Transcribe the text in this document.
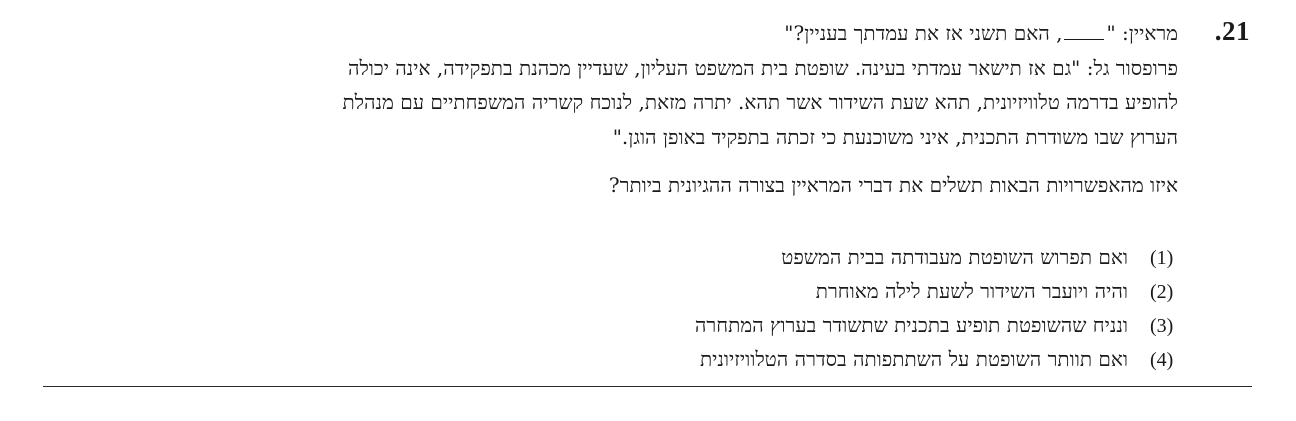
.21
מראיין: ", האם תשני אז את עמדתך בעניין?"
פרופסור גל: "גם אז תישאר עמדתי בעינה. שופטת בית המשפט העליון, שעדיין מכהנת בתפקידה, אינה יכולה
להופיע בדרמה טלוויזיונית, תהא שעת השידור אשר תהא. יתרה מזאת, לנוכח קשריה המשפחתיים עם מנהלת
הערוץ שבו משודרת התכנית, איני משוכנעת כי זכתה בתפקיד באופן הוגן."
איזו מהאפשרויות הבאות תשלים את דברי המראיין בצורה ההגיונית ביותר?
(1)
ואם תפרוש השופטת מעבודתה בבית המשפט
(2)
והיה ויועבר השידור לשעת לילה מאוחרת
(3)
ונניח שהשופטת תופיע בתכנית שתשודר בערוץ המתחרה
(4)
ואם תוותר השופטת על השתתפותה בסדרה הטלוויזיונית
